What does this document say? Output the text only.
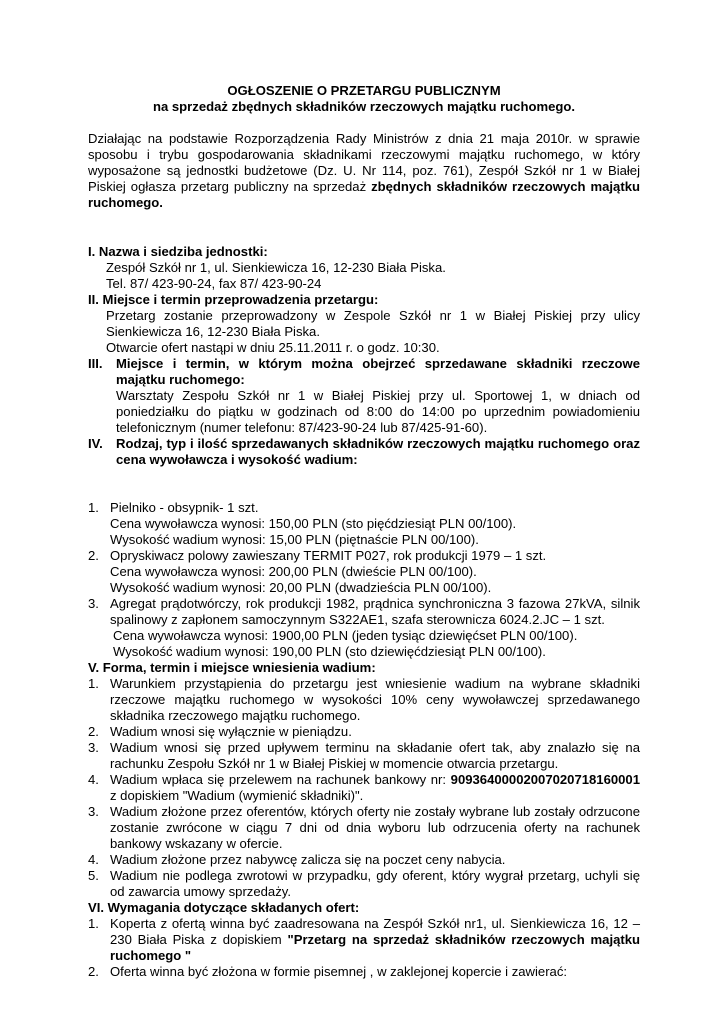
OGŁOSZENIE O PRZETARGU PUBLICZNYM
na sprzedaż zbędnych składników rzeczowych majątku ruchomego.
Działając na podstawie Rozporządzenia Rady Ministrów z dnia 21 maja 2010r. w sprawie sposobu i trybu gospodarowania składnikami rzeczowymi majątku ruchomego, w który wyposażone są jednostki budżetowe (Dz. U. Nr 114, poz. 761), Zespół Szkół nr 1 w Białej Piskiej ogłasza przetarg publiczny na sprzedaż zbędnych składników rzeczowych majątku ruchomego.
I. Nazwa i siedziba jednostki:
Zespół Szkół nr 1, ul. Sienkiewicza 16, 12-230 Biała Piska.
Tel. 87/ 423-90-24, fax 87/ 423-90-24
II. Miejsce i termin przeprowadzenia przetargu:
Przetarg zostanie przeprowadzony w Zespole Szkół nr 1 w Białej Piskiej przy ulicy Sienkiewicza 16, 12-230 Biała Piska.
Otwarcie ofert nastąpi w dniu 25.11.2011 r. o godz. 10:30.
III.	Miejsce i termin, w którym można obejrzeć sprzedawane składniki rzeczowe majątku ruchomego:
Warsztaty Zespołu Szkół nr 1 w Białej Piskiej przy ul. Sportowej 1, w dniach od poniedziałku do piątku w godzinach od 8:00 do 14:00 po uprzednim powiadomieniu telefonicznym (numer telefonu: 87/423-90-24 lub 87/425-91-60).
IV.	Rodzaj, typ i ilość sprzedawanych składników rzeczowych majątku ruchomego oraz cena wywoławcza i wysokość wadium:
1. Pielniko - obsypnik- 1 szt.
Cena wywoławcza wynosi: 150,00 PLN (sto pięćdziesiąt PLN 00/100).
Wysokość wadium wynosi: 15,00 PLN (piętnaście PLN 00/100).
2. Opryskiwacz polowy zawieszany TERMIT P027, rok produkcji 1979 – 1 szt.
Cena wywoławcza wynosi: 200,00 PLN (dwieście PLN 00/100).
Wysokość wadium wynosi: 20,00 PLN (dwadzieścia PLN 00/100).
3. Agregat prądotwórczy, rok produkcji 1982, prądnica synchroniczna 3 fazowa 27kVA, silnik spalinowy z zapłonem samoczynnym S322AE1, szafa sterownicza 6024.2.JC – 1 szt.
Cena wywoławcza wynosi: 1900,00 PLN (jeden tysiąc dziewięćset PLN 00/100).
Wysokość wadium wynosi: 190,00 PLN (sto dziewięćdziesiąt PLN 00/100).
V. Forma, termin i miejsce wniesienia wadium:
1. Warunkiem przystąpienia do przetargu jest wniesienie wadium na wybrane składniki rzeczowe majątku ruchomego w wysokości 10% ceny wywoławczej sprzedawanego składnika rzeczowego majątku ruchomego.
2. Wadium wnosi się wyłącznie w pieniądzu.
3. Wadium wnosi się przed upływem terminu na składanie ofert tak, aby znalazło się na rachunku Zespołu Szkół nr 1 w Białej Piskiej w momencie otwarcia przetargu.
4. Wadium wpłaca się przelewem na rachunek bankowy nr: 90936400002007020718160001 z dopiskiem "Wadium (wymienić składniki)".
3. Wadium złożone przez oferentów, których oferty nie zostały wybrane lub zostały odrzucone zostanie zwrócone w ciągu 7 dni od dnia wyboru lub odrzucenia oferty na rachunek bankowy wskazany w ofercie.
4. Wadium złożone przez nabywcę zalicza się na poczet ceny nabycia.
5. Wadium nie podlega zwrotowi w przypadku, gdy oferent, który wygrał przetarg, uchyli się od zawarcia umowy sprzedaży.
VI. Wymagania dotyczące składanych ofert:
1. Koperta z ofertą winna być zaadresowana na Zespół Szkół nr1, ul. Sienkiewicza 16, 12 – 230 Biała Piska z dopiskiem "Przetarg na sprzedaż składników rzeczowych majątku ruchomego "
2. Oferta winna być złożona w formie pisemnej , w zaklejonej kopercie i zawierać:
